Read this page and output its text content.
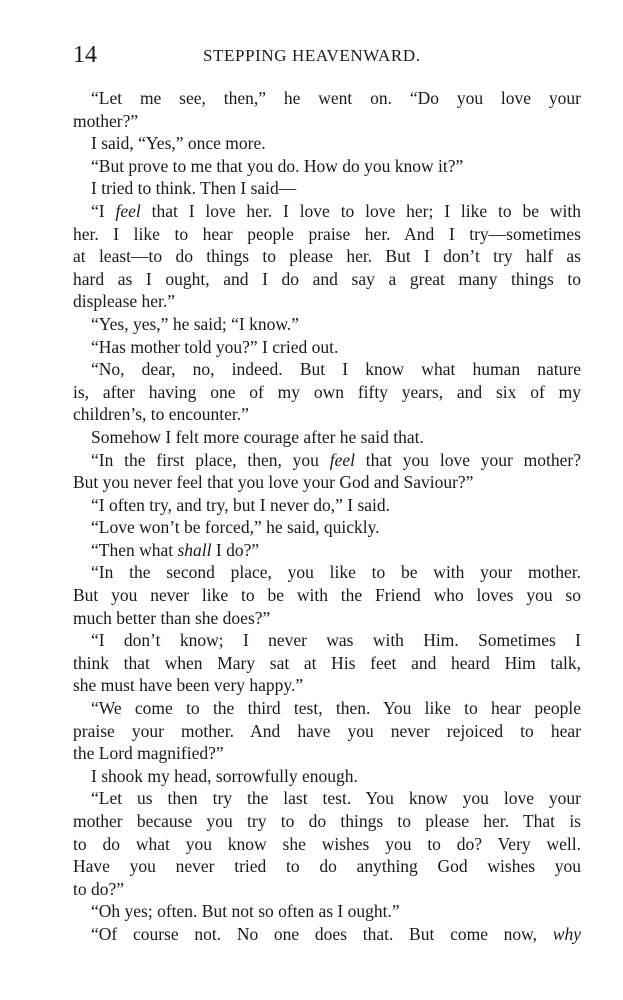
14	STEPPING HEAVENWARD.
“Let me see, then,” he went on. “Do you love your
mother?”
I said, “Yes,” once more.
“But prove to me that you do. How do you know it?”
I tried to think. Then I said—
“I feel that I love her. I love to love her; I like to be with
her. I like to hear people praise her. And I try—sometimes
at least—to do things to please her. But I don’t try half as
hard as I ought, and I do and say a great many things to
displease her.”
“Yes, yes,” he said; “I know.”
“Has mother told you?” I cried out.
“No, dear, no, indeed. But I know what human nature
is, after having one of my own fifty years, and six of my
children’s, to encounter.”
Somehow I felt more courage after he said that.
“In the first place, then, you feel that you love your mother?
But you never feel that you love your God and Saviour?”
“I often try, and try, but I never do,” I said.
“Love won’t be forced,” he said, quickly.
“Then what shall I do?”
“In the second place, you like to be with your mother.
But you never like to be with the Friend who loves you so
much better than she does?”
“I don’t know; I never was with Him. Sometimes I
think that when Mary sat at His feet and heard Him talk,
she must have been very happy.”
“We come to the third test, then. You like to hear people
praise your mother. And have you never rejoiced to hear
the Lord magnified?”
I shook my head, sorrowfully enough.
“Let us then try the last test. You know you love your
mother because you try to do things to please her. That is
to do what you know she wishes you to do? Very well.
Have you never tried to do anything God wishes you
to do?”
“Oh yes; often. But not so often as I ought.”
“Of course not. No one does that. But come now, why
